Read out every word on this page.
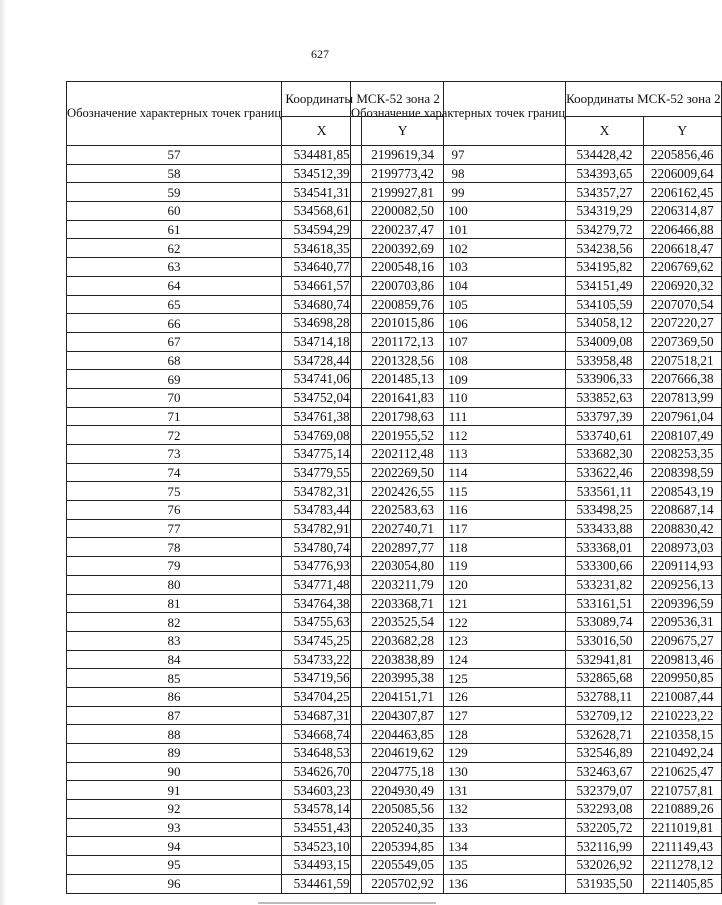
627
Обозначение характерных точек границ	Координаты МСК-52 зона 2	
	X	Y
57	534481,85	2199619,34
58	534512,39	2199773,42
59	534541,31	2199927,81
60	534568,61	2200082,50
61	534594,29	2200237,47
62	534618,35	2200392,69
63	534640,77	2200548,16
64	534661,57	2200703,86
65	534680,74	2200859,76
66	534698,28	2201015,86
67	534714,18	2201172,13
68	534728,44	2201328,56
69	534741,06	2201485,13
70	534752,04	2201641,83
71	534761,38	2201798,63
72	534769,08	2201955,52
73	534775,14	2202112,48
74	534779,55	2202269,50
75	534782,31	2202426,55
76	534783,44	2202583,63
77	534782,91	2202740,71
78	534780,74	2202897,77
79	534776,93	2203054,80
80	534771,48	2203211,79
81	534764,38	2203368,71
82	534755,63	2203525,54
83	534745,25	2203682,28
84	534733,22	2203838,89
85	534719,56	2203995,38
86	534704,25	2204151,71
87	534687,31	2204307,87
88	534668,74	2204463,85
89	534648,53	2204619,62
90	534626,70	2204775,18
91	534603,23	2204930,49
92	534578,14	2205085,56
93	534551,43	2205240,35
94	534523,10	2205394,85
95	534493,15	2205549,05
96	534461,59	2205702,92
Обозначение характерных точек границ	Координаты МСК-52 зона 2	
	X	Y
97	534428,42	2205856,46
98	534393,65	2206009,64
99	534357,27	2206162,45
100	534319,29	2206314,87
101	534279,72	2206466,88
102	534238,56	2206618,47
103	534195,82	2206769,62
104	534151,49	2206920,32
105	534105,59	2207070,54
106	534058,12	2207220,27
107	534009,08	2207369,50
108	533958,48	2207518,21
109	533906,33	2207666,38
110	533852,63	2207813,99
111	533797,39	2207961,04
112	533740,61	2208107,49
113	533682,30	2208253,35
114	533622,46	2208398,59
115	533561,11	2208543,19
116	533498,25	2208687,14
117	533433,88	2208830,42
118	533368,01	2208973,03
119	533300,66	2209114,93
120	533231,82	2209256,13
121	533161,51	2209396,59
122	533089,74	2209536,31
123	533016,50	2209675,27
124	532941,81	2209813,46
125	532865,68	2209950,85
126	532788,11	2210087,44
127	532709,12	2210223,22
128	532628,71	2210358,15
129	532546,89	2210492,24
130	532463,67	2210625,47
131	532379,07	2210757,81
132	532293,08	2210889,26
133	532205,72	2211019,81
134	532116,99	2211149,43
135	532026,92	2211278,12
136	531935,50	2211405,85
